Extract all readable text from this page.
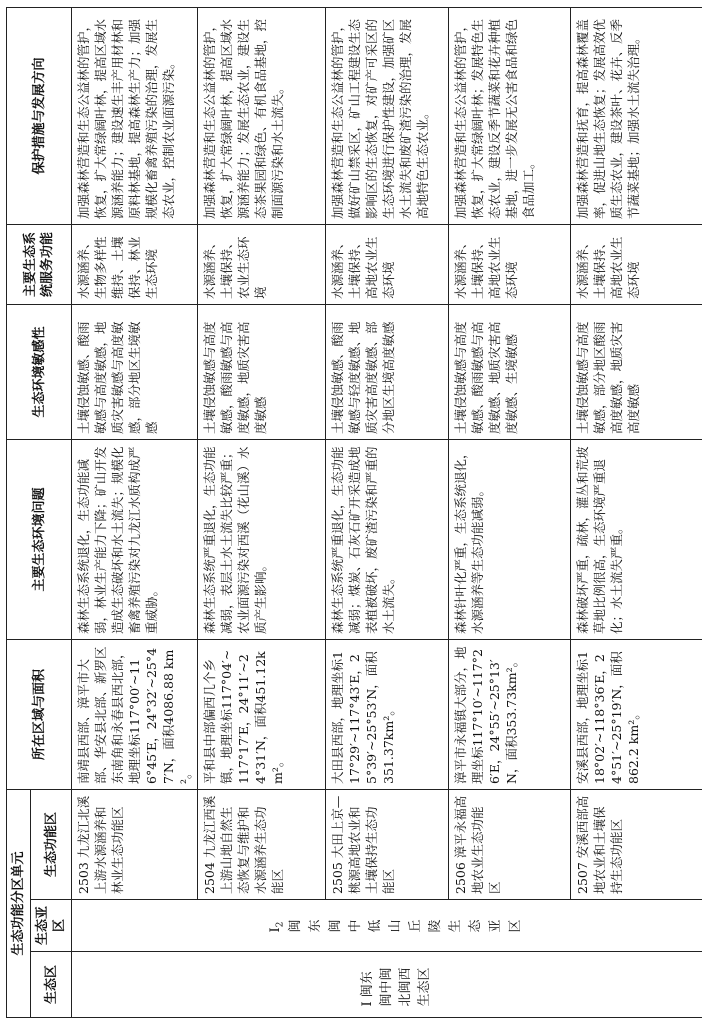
生态功能分区单元			所在区域与面积	主要生态环境问题	生态环境敏感性	主要生态系统服务功能	保护措施与发展方向
生态区	生态亚区	生态功能区					

Ⅰ 闽东闽中闽北闽西生态区	$Ⅰ_2$ 闽东闽中低山丘陵生态亚区	2503 九龙江北溪上游水源涵养和林业生态功能区	南靖县西部、漳平市大部、华安县北部、新罗区东南角和永春县西北部，地理坐标117°00′~116°45′E，24°32′~25°47′N，面积4086.88 km²。	森林生态系统退化，生态功能减弱，林业生产能力下降；矿山开发造成生态破坏和水土流失；规模化畜禽养殖污染对九龙江水质构成严重威胁。	土壤侵蚀敏感、酸雨敏感与高度敏感，地质灾害敏感与高度敏感，部分地区生境敏感	水源涵养、生物多样性维持、土壤保持、林业生态环境	加强森林营造和生态公益林的管护，恢复，扩大常绿阔叶林，提高区域水源涵养能力；建设速生丰产用材林和原料林基地，提高森林生产力；加强规模化畜禽养殖污染的治理，发展生态农业，控制农业面源污染。
		2504 九龙江西溪上游山地自然生态恢复与维护和水源涵养生态功能区	平和县中部偏西几个乡镇，地理坐标117°04′~117°17′E，24°11′~24°31′N，面积451.12km²。	森林生态系统严重退化，生态功能减弱，表层土水土流失比较严重；农业面源污染对西溪（花山溪）水质产生影响。	土壤侵蚀敏感与高度敏感，酸雨敏感与高度敏感，地质灾害高度敏感	水源涵养、土壤保持、农业生态环境	加强森林营造和生态公益林的管护，恢复，扩大常绿阔叶林，提高区域水源涵养能力；发展生态农业，建设生态茶果园和绿色、有机食品基地，控制面源污染和水土流失。
		2505 大田上京—桃源高地农业和土壤保持生态功能区	大田县西部，地理坐标117°29′~117°43′E，25°39′~25°53′N，面积351.37km²。	森林生态系统严重退化，生态功能减弱；煤炭、石灰石矿开采造成地表植被破坏，废矿渣污染和严重的水土流失。	土壤侵蚀敏感、酸雨敏感与轻度敏感、地质灾害高度敏感、部分地区生境高度敏感	水源涵养、土壤保持、高地农业生态环境	加强森林营造和生态公益林的管护，做好矿山禁采区，矿山工程建设生态影响区的生态恢复，对矿产可采区的生态环境进行保护性建设，加强矿区水土流失和废矿渣污染的治理，发展高地特色生态农业。
		2506 漳平永福高地农业生态功能区	漳平市永福镇大部分，地理坐标117°10′~117°26′E，24°55′~25°13′N，面积353.73km²。	森林针叶化严重，生态系统退化，水源涵养等生态功能减弱。	土壤侵蚀敏感与高度敏感、酸雨敏感与高度敏感、地质灾害高度敏感、生境敏感	水源涵养、土壤保持、高地农业生态环境	加强森林营造和生态公益林的管护，恢复，扩大常绿阔叶林；发展特色生态农业，建设反季节蔬菜和花卉种植基地，进一步发展无公害食品和绿色食品加工。
		2507 安溪西部高地农业和土壤保持生态功能区	安溪县西部，地理坐标118°02′~118°36′E，24°51′~25°19′N，面积862.2 km²。	森林破坏严重，疏林，灌丛和荒坡草地比例很高，生态环境严重退化；水土流失严重。	土壤侵蚀敏感与高度敏感，部分地区酸雨高度敏感，地质灾害高度敏感	水源涵养、土壤保持、高地农业生态环境	加强森林营造和抚育，提高森林覆盖率，促进山地生态恢复；发展高效优质生态农业，建设茶叶、花卉、反季节蔬菜基地；加强水土流失治理。
